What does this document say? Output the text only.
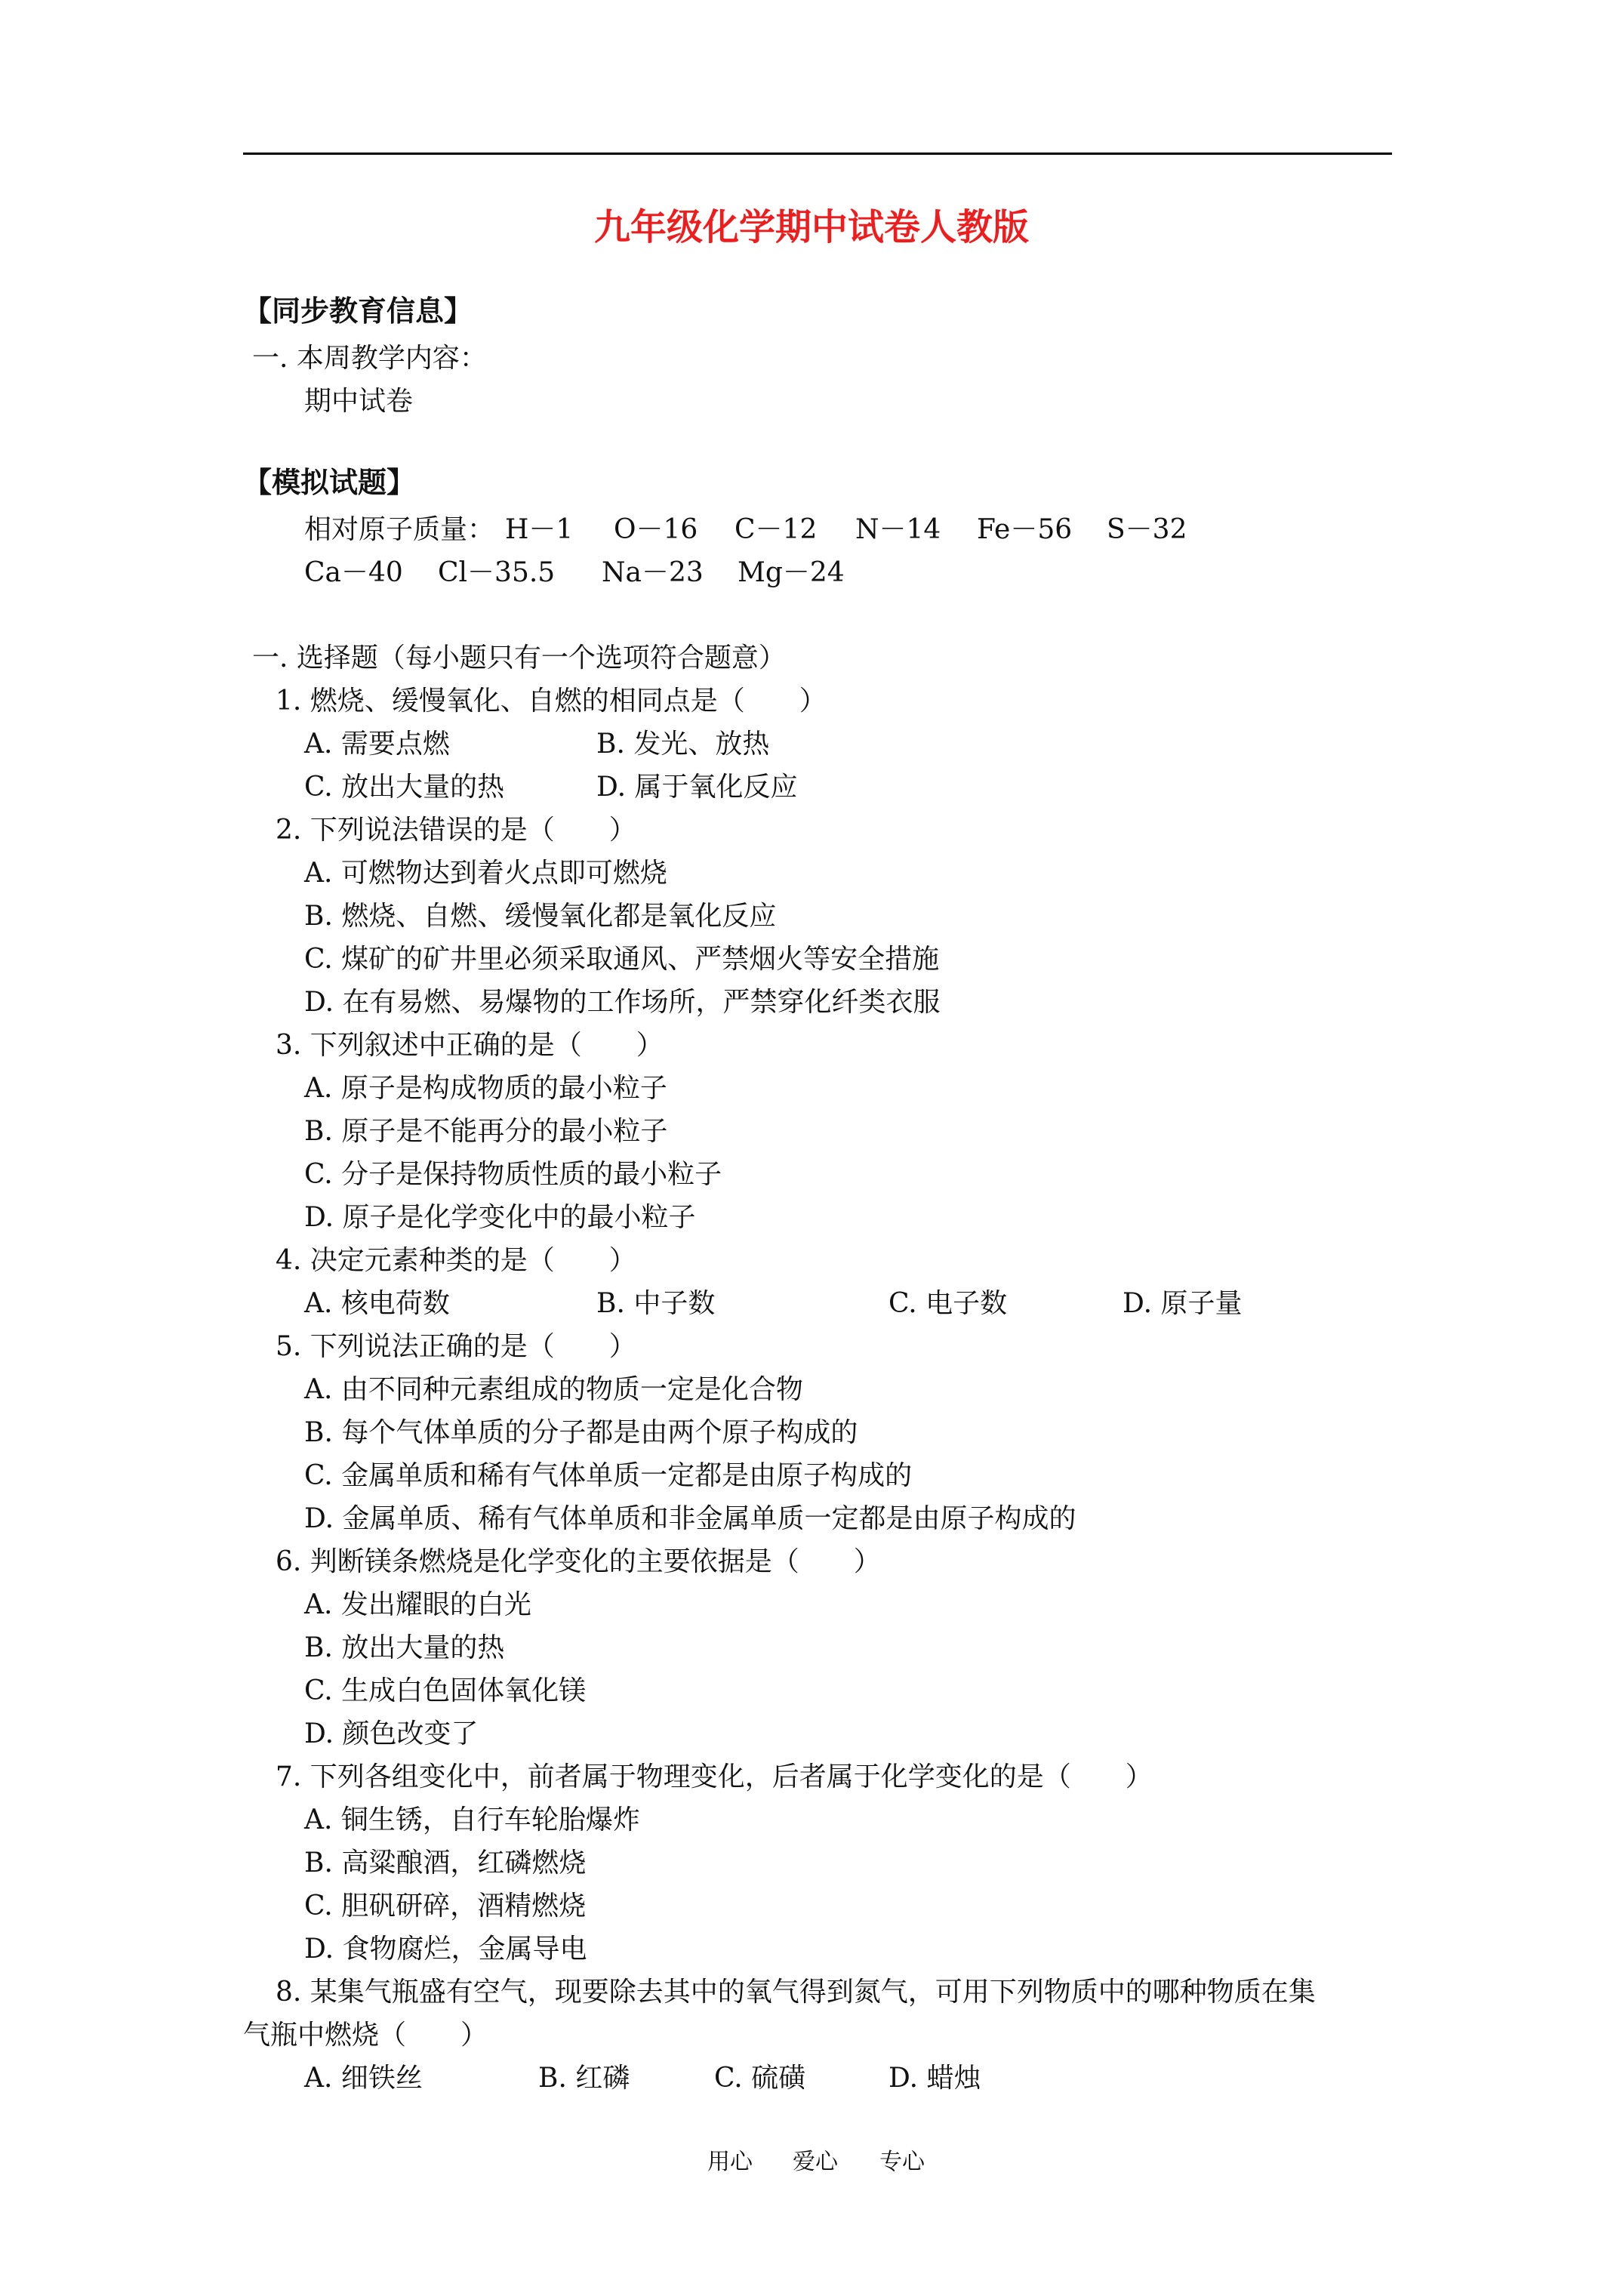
九年级化学期中试卷人教版
【同步教育信息】
一. 本周教学内容：
期中试卷
【模拟试题】
相对原子质量： H－1 O－16 C－12 N－14 Fe－56 S－32
Ca－40 Cl－35.5 Na－23 Mg－24
一. 选择题（每小题只有一个选项符合题意）
1. 燃烧、缓慢氧化、自燃的相同点是（　　）
A. 需要点燃	B. 发光、放热
C. 放出大量的热	D. 属于氧化反应
2. 下列说法错误的是（　　）
A. 可燃物达到着火点即可燃烧
B. 燃烧、自燃、缓慢氧化都是氧化反应
C. 煤矿的矿井里必须采取通风、严禁烟火等安全措施
D. 在有易燃、易爆物的工作场所，严禁穿化纤类衣服
3. 下列叙述中正确的是（　　）
A. 原子是构成物质的最小粒子
B. 原子是不能再分的最小粒子
C. 分子是保持物质性质的最小粒子
D. 原子是化学变化中的最小粒子
4. 决定元素种类的是（　　）
A. 核电荷数	B. 中子数	C. 电子数	D. 原子量
5. 下列说法正确的是（　　）
A. 由不同种元素组成的物质一定是化合物
B. 每个气体单质的分子都是由两个原子构成的
C. 金属单质和稀有气体单质一定都是由原子构成的
D. 金属单质、稀有气体单质和非金属单质一定都是由原子构成的
6. 判断镁条燃烧是化学变化的主要依据是（　　）
A. 发出耀眼的白光
B. 放出大量的热
C. 生成白色固体氧化镁
D. 颜色改变了
7. 下列各组变化中，前者属于物理变化，后者属于化学变化的是（　　）
A. 铜生锈，自行车轮胎爆炸
B. 高粱酿酒，红磷燃烧
C. 胆矾研碎，酒精燃烧
D. 食物腐烂，金属导电
8. 某集气瓶盛有空气，现要除去其中的氧气得到氮气，可用下列物质中的哪种物质在集
气瓶中燃烧（　　）
A. 细铁丝	B. 红磷	C. 硫磺	D. 蜡烛
用心 爱心 专心
